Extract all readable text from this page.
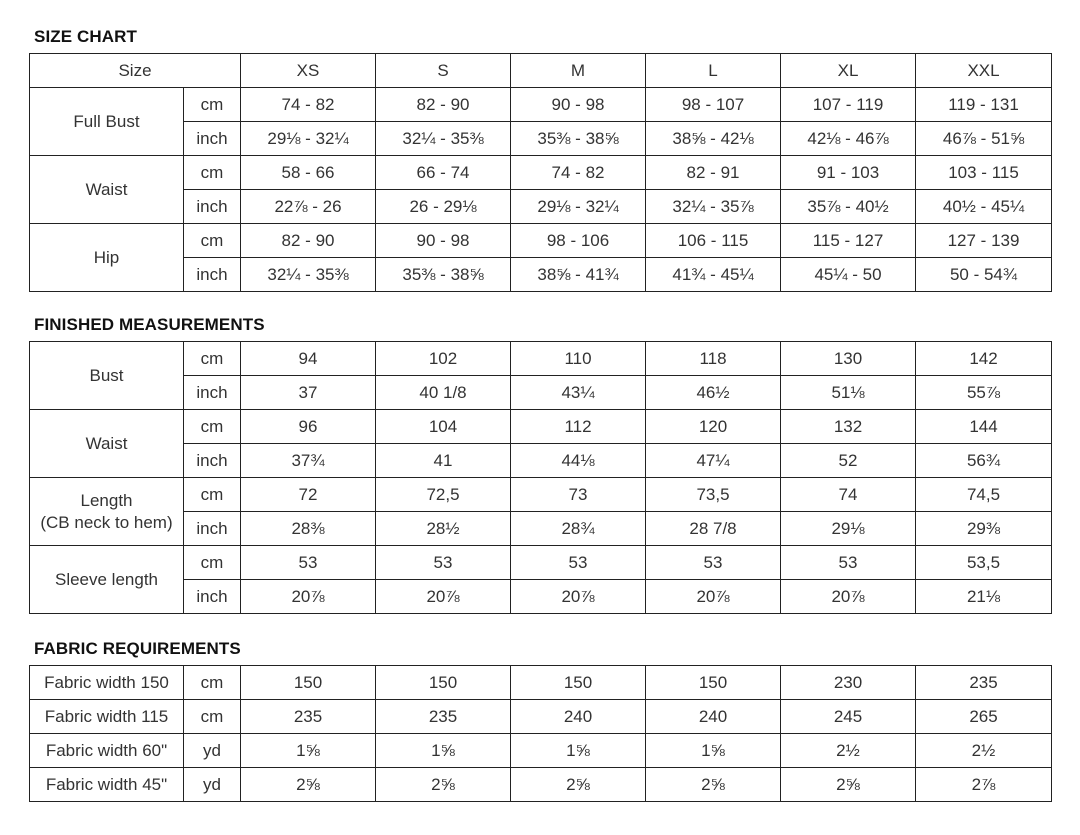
SIZE CHART
Size		XS	S	M	L	XL	XXL
Full Bust	cm	74 - 82	82 - 90	90 - 98	98 - 107	107 - 119	119 - 131
	inch	29⅛ - 32¼	32¼ - 35⅜	35⅜ - 38⅝	38⅝ - 42⅛	42⅛ - 46⅞	46⅞ - 51⅝
Waist	cm	58 - 66	66 - 74	74 - 82	82 - 91	91 - 103	103 - 115
	inch	22⅞ - 26	26 - 29⅛	29⅛ - 32¼	32¼ - 35⅞	35⅞ - 40½	40½ - 45¼
Hip	cm	82 - 90	90 - 98	98 - 106	106 - 115	115 - 127	127 - 139
	inch	32¼ - 35⅜	35⅜ - 38⅝	38⅝ - 41¾	41¾ - 45¼	45¼ - 50	50 - 54¾
FINISHED MEASUREMENTS
Bust	cm	94	102	110	118	130	142
	inch	37	40 1/8	43¼	46½	51⅛	55⅞

Waist	cm	96	104	112	120	132	144
	inch	37¾	41	44⅛	47¼	52	56¾

Length
(CB neck to hem)	cm	72	72,5	73	73,5	74	74,5
	inch	28⅜	28½	28¾	28 7/8	29⅛	29⅜

Sleeve length	cm	53	53	53	53	53	53,5
	inch	20⅞	20⅞	20⅞	20⅞	20⅞	21⅛
FABRIC REQUIREMENTS
Fabric width 150	cm	150	150	150	150	230	235
Fabric width 115	cm	235	235	240	240	245	265
Fabric width 60"	yd	1⅝	1⅝	1⅝	1⅝	2½	2½
Fabric width 45"	yd	2⅝	2⅝	2⅝	2⅝	2⅝	2⅞
